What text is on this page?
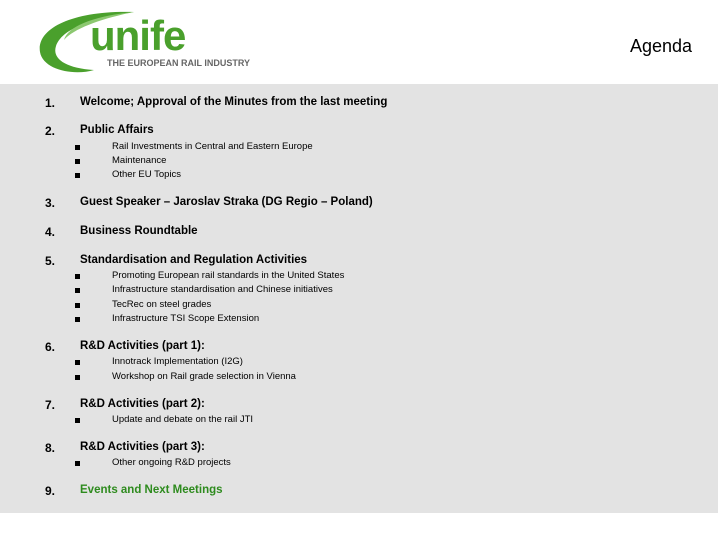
unife
THE EUROPEAN RAIL INDUSTRY
Agenda
1. Welcome; Approval of the Minutes from the last meeting
2. Public Affairs
Rail Investments in Central and Eastern Europe
Maintenance
Other EU Topics
3. Guest Speaker – Jaroslav Straka (DG Regio – Poland)
4. Business Roundtable
5. Standardisation and Regulation Activities
Promoting European rail standards in the United States
Infrastructure standardisation and Chinese initiatives
TecRec on steel grades
Infrastructure TSI Scope Extension
6. R&D Activities (part 1):
Innotrack Implementation (I2G)
Workshop on Rail grade selection in Vienna
7. R&D Activities (part 2):
Update and debate on the rail JTI
8. R&D Activities (part 3):
Other ongoing R&D projects
9. Events and Next Meetings
